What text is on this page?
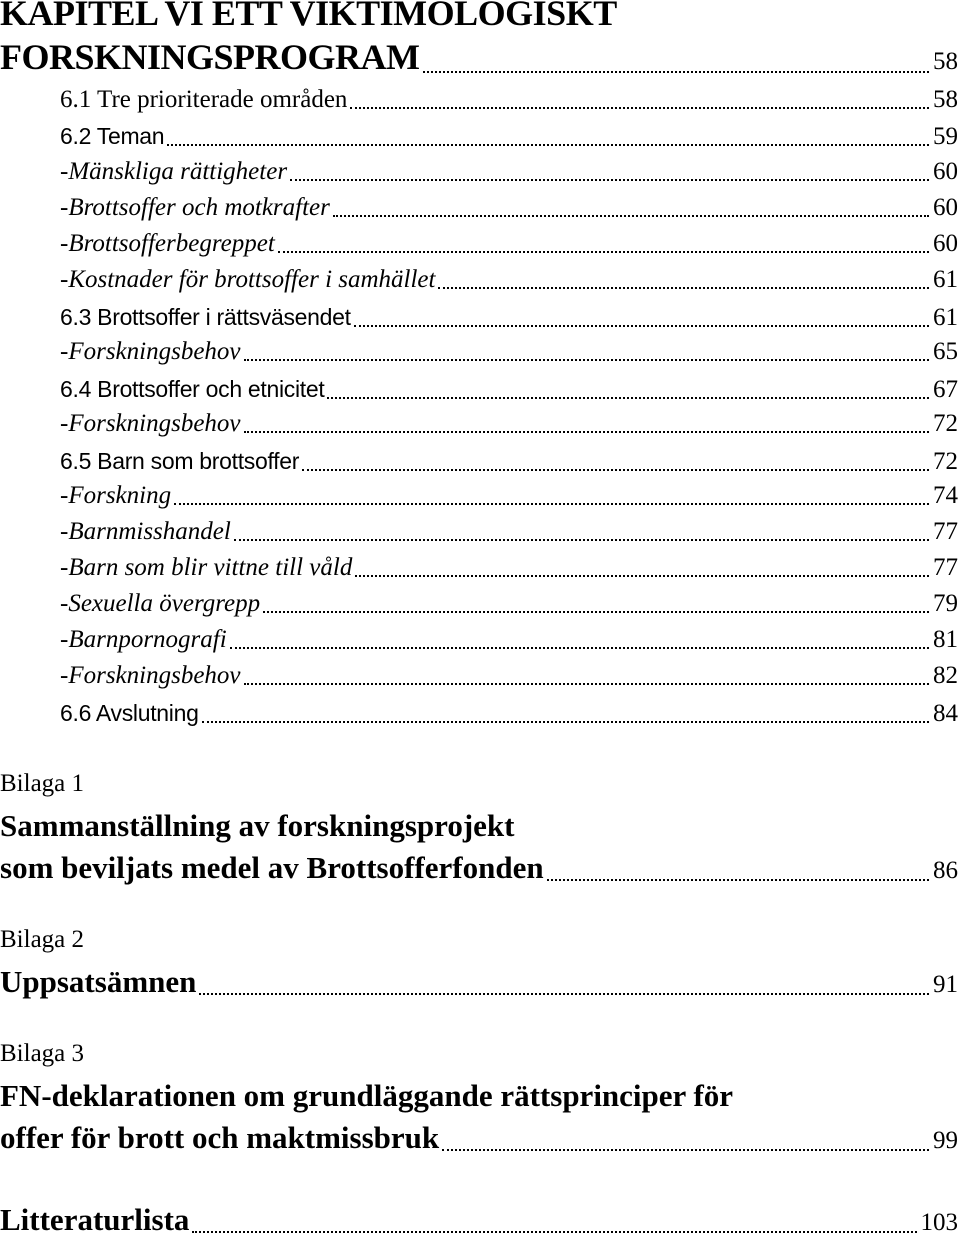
KAPITEL VI ETT VIKTIMOLOGISKT
FORSKNINGSPROGRAM	58
6.1 Tre prioriterade områden	58
6.2 Teman	59
-Mänskliga rättigheter	60
-Brottsoffer och motkrafter	60
-Brottsofferbegreppet	60
-Kostnader för brottsoffer i samhället	61
6.3 Brottsoffer i rättsväsendet	61
-Forskningsbehov	65
6.4 Brottsoffer och etnicitet	67
-Forskningsbehov	72
6.5 Barn som brottsoffer	72
-Forskning	74
-Barnmisshandel	77
-Barn som blir vittne till våld	77
-Sexuella övergrepp	79
-Barnpornografi	81
-Forskningsbehov	82
6.6 Avslutning	84
Bilaga 1
Sammanställning av forskningsprojekt
som beviljats medel av Brottsofferfonden	86
Bilaga 2
Uppsatsämnen	91
Bilaga 3
FN-deklarationen om grundläggande rättsprinciper för
offer för brott och maktmissbruk	99
Litteraturlista	103
